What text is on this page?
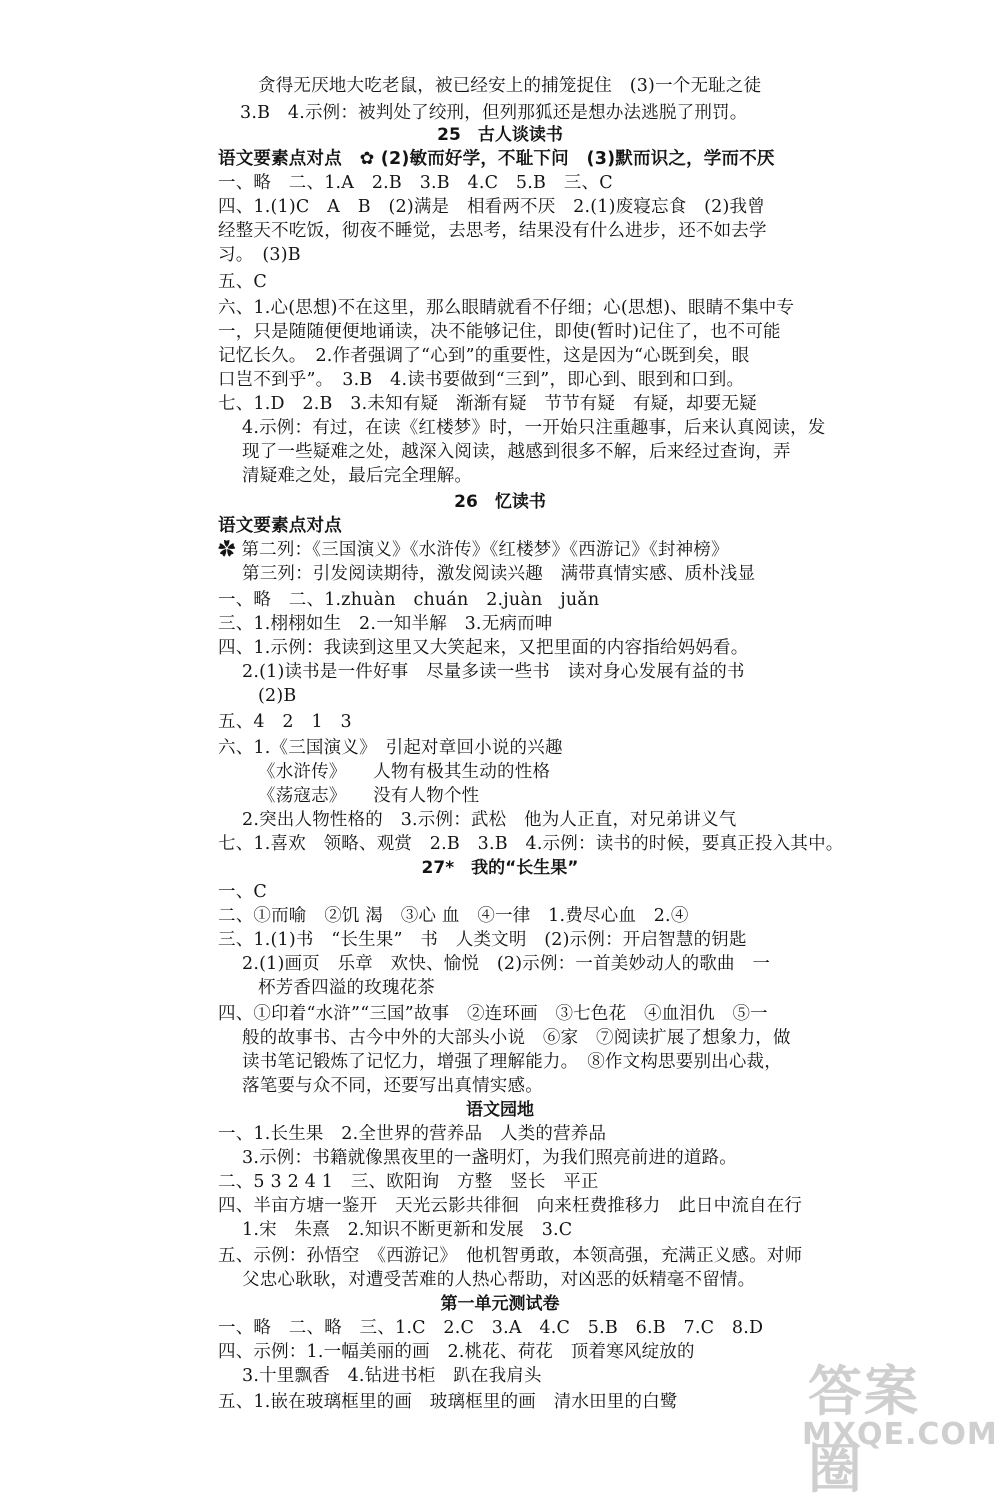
25　古人谈读书
26　忆读书
27*　我的“长生果”
语文园地
第一单元测试卷
贪得无厌地大吃老鼠，被已经安上的捕笼捉住　(3)一个无耻之徒
3.B　4.示例：被判处了绞刑，但列那狐还是想办法逃脱了刑罚。
语文要素点对点　✿ (2)敏而好学，不耻下问　(3)默而识之，学而不厌
一、略　二、1.A　2.B　3.B　4.C　5.B　三、C
四、1.(1)C　A　B　(2)满是　相看两不厌　2.(1)废寝忘食　(2)我曾
经整天不吃饭，彻夜不睡觉，去思考，结果没有什么进步，还不如去学
习。　(3)B
五、C
六、1.心(思想)不在这里，那么眼睛就看不仔细；心(思想)、眼睛不集中专
一，只是随随便便地诵读，决不能够记住，即使(暂时)记住了，也不可能
记忆长久。　2.作者强调了“心到”的重要性，这是因为“心既到矣，眼
口岂不到乎”。　3.B　4.读书要做到“三到”，即心到、眼到和口到。
七、1.D　2.B　3.未知有疑　渐渐有疑　节节有疑　有疑，却要无疑
4.示例：有过，在读《红楼梦》时，一开始只注重趣事，后来认真阅读，发
现了一些疑难之处，越深入阅读，越感到很多不解，后来经过查询，弄
清疑难之处，最后完全理解。
语文要素点对点
✿ 第二列：《三国演义》《水浒传》《红楼梦》《西游记》《封神榜》
第三列：引发阅读期待，激发阅读兴趣　满带真情实感、质朴浅显
一、略　二、1.zhuàn　chuán　2.juàn　juǎn
三、1.栩栩如生　2.一知半解　3.无病而呻
四、1.示例：我读到这里又大笑起来，又把里面的内容指给妈妈看。
2.(1)读书是一件好事　尽量多读一些书　读对身心发展有益的书
(2)B
五、4　2　1　3
六、1.《三国演义》　引起对章回小说的兴趣
《水浒传》　　人物有极其生动的性格
《荡寇志》　　没有人物个性
2.突出人物性格的　3.示例：武松　他为人正直，对兄弟讲义气
七、1.喜欢　领略、观赏　2.B　3.B　4.示例：读书的时候，要真正投入其中。
一、C
二、①而喻　②饥 渴　③心 血　④一律　1.费尽心血　2.④
三、1.(1)书　“长生果”　书　人类文明　(2)示例：开启智慧的钥匙
2.(1)画页　乐章　欢快、愉悦　(2)示例：一首美妙动人的歌曲　一
杯芳香四溢的玫瑰花茶
四、①印着“水浒”“三国”故事　②连环画　③七色花　④血泪仇　⑤一
般的故事书、古今中外的大部头小说　⑥家　⑦阅读扩展了想象力，做
读书笔记锻炼了记忆力，增强了理解能力。　⑧作文构思要别出心裁，
落笔要与众不同，还要写出真情实感。
一、1.长生果　2.全世界的营养品　人类的营养品
3.示例：书籍就像黑夜里的一盏明灯，为我们照亮前进的道路。
二、5 3 2 4 1　三、欧阳询　方整　竖长　平正
四、半亩方塘一鉴开　天光云影共徘徊　向来枉费推移力　此日中流自在行
1.宋　朱熹　2.知识不断更新和发展　3.C
五、示例：孙悟空　《西游记》　他机智勇敢，本领高强，充满正义感。对师
父忠心耿耿，对遭受苦难的人热心帮助，对凶恶的妖精毫不留情。
一、略　二、略　三、1.C　2.C　3.A　4.C　5.B　6.B　7.C　8.D
四、示例：1.一幅美丽的画　2.桃花、荷花　顶着寒风绽放的
3.十里飘香　4.钻进书柜　趴在我肩头
五、1.嵌在玻璃框里的画　玻璃框里的画　清水田里的白鹭 答案圈
MXQE.COM
